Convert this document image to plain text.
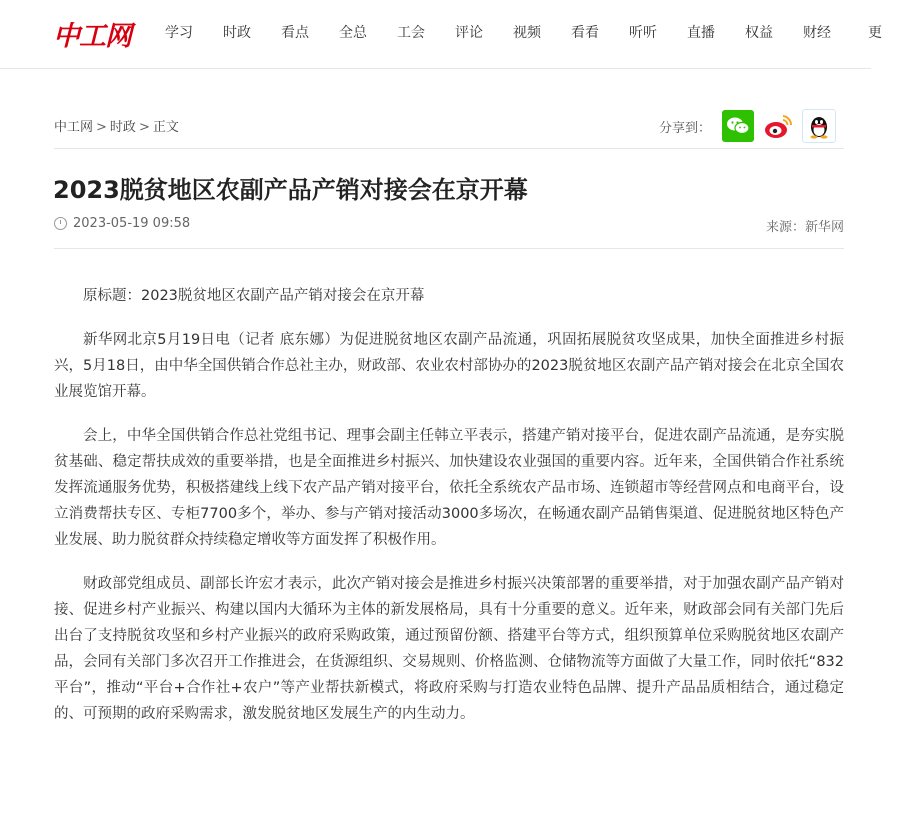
中工网	学习	时政	看点	全总	工会	评论	视频	看看	听听	直播	权益	财经	更
中工网 > 时政 > 正文	分享到：
2023脱贫地区农副产品产销对接会在京开幕
2023-05-19 09:58	来源：新华网

原标题：2023脱贫地区农副产品产销对接会在京开幕

新华网北京5月19日电（记者 底东娜）为促进脱贫地区农副产品流通，巩固拓展脱贫攻坚成果，加快全面推进乡村振兴，5月18日，由中华全国供销合作总社主办，财政部、农业农村部协办的2023脱贫地区农副产品产销对接会在北京全国农业展览馆开幕。

会上，中华全国供销合作总社党组书记、理事会副主任韩立平表示，搭建产销对接平台，促进农副产品流通，是夯实脱贫基础、稳定帮扶成效的重要举措，也是全面推进乡村振兴、加快建设农业强国的重要内容。近年来，全国供销合作社系统发挥流通服务优势，积极搭建线上线下农产品产销对接平台，依托全系统农产品市场、连锁超市等经营网点和电商平台，设立消费帮扶专区、专柜7700多个，举办、参与产销对接活动3000多场次，在畅通农副产品销售渠道、促进脱贫地区特色产业发展、助力脱贫群众持续稳定增收等方面发挥了积极作用。

财政部党组成员、副部长许宏才表示，此次产销对接会是推进乡村振兴决策部署的重要举措，对于加强农副产品产销对接、促进乡村产业振兴、构建以国内大循环为主体的新发展格局，具有十分重要的意义。近年来，财政部会同有关部门先后出台了支持脱贫攻坚和乡村产业振兴的政府采购政策，通过预留份额、搭建平台等方式，组织预算单位采购脱贫地区农副产品，会同有关部门多次召开工作推进会，在货源组织、交易规则、价格监测、仓储物流等方面做了大量工作，同时依托“832平台”，推动“平台+合作社+农户”等产业帮扶新模式，将政府采购与打造农业特色品牌、提升产品品质相结合，通过稳定的、可预期的政府采购需求，激发脱贫地区发展生产的内生动力。
